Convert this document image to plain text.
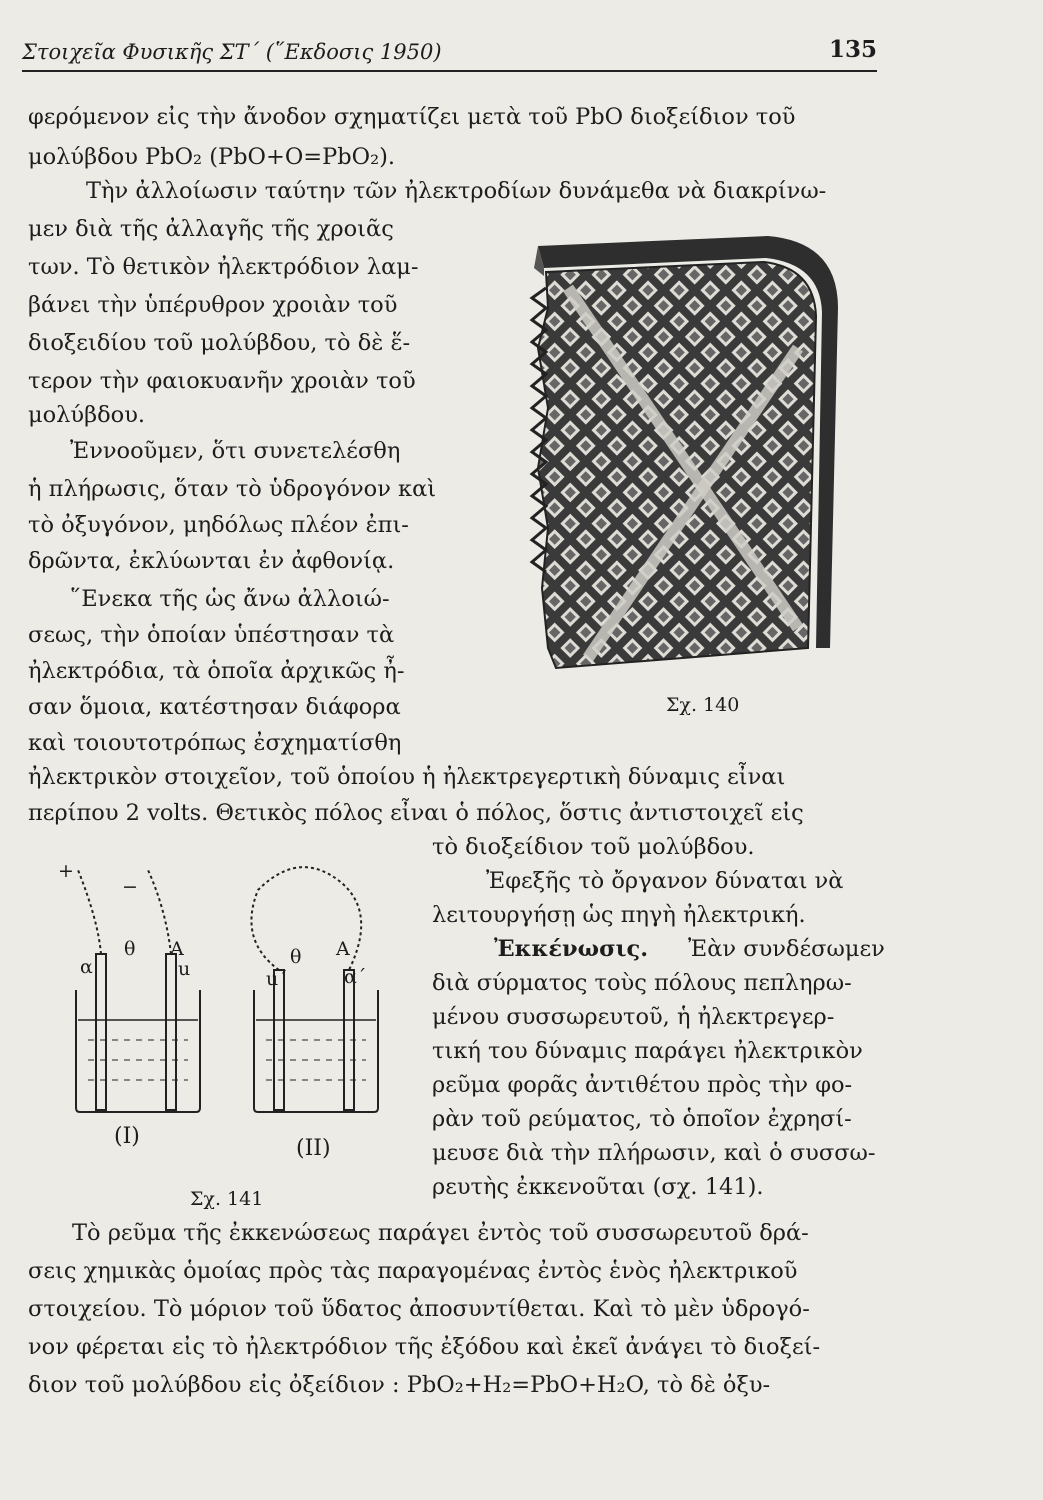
Στοιχεῖα Φυσικῆς ΣΤ΄ (῞Εκδοσις 1950)	135
φερόμενον εἰς τὴν ἄνοδον σχηματίζει μετὰ τοῦ PbO διοξείδιον τοῦ
μολύβδου PbO₂ (PbO+O=PbO₂).
Τὴν ἀλλοίωσιν ταύτην τῶν ἠλεκτροδίων δυνάμεθα νὰ διακρίνω-
μεν διὰ τῆς ἀλλαγῆς τῆς χροιᾶς
των. Τὸ θετικὸν ἠλεκτρόδιον λαμ-
βάνει τὴν ὑπέρυθρον χροιὰν τοῦ
διοξειδίου τοῦ μολύβδου, τὸ δὲ ἕ-
τερον τὴν φαιοκυανῆν χροιὰν τοῦ
μολύβδου.
Ἐννοοῦμεν, ὅτι συνετελέσθη
ἡ πλήρωσις, ὅταν τὸ ὑδρογόνον καὶ
τὸ ὀξυγόνον, μηδόλως πλέον ἐπι-
δρῶντα, ἐκλύωνται ἐν ἀφθονίᾳ.
῞Ενεκα τῆς ὡς ἄνω ἀλλοιώ-
σεως, τὴν ὁποίαν ὑπέστησαν τὰ
ἠλεκτρόδια, τὰ ὁποῖα ἀρχικῶς ἦ-
σαν ὅμοια, κατέστησαν διάφορα
καὶ τοιουτοτρόπως ἐσχηματίσθη
ἠλεκτρικὸν στοιχεῖον, τοῦ ὁποίου ἡ ἠλεκτρεγερτικὴ δύναμις εἶναι
περίπου 2 volts. Θετικὸς πόλος εἶναι ὁ πόλος, ὅστις ἀντιστοιχεῖ εἰς
τὸ διοξείδιον τοῦ μολύβδου.
Ἐφεξῆς τὸ ὄργανον δύναται νὰ
λειτουργήσῃ ὡς πηγὴ ἠλεκτρική.
Ἐκκένωσις. Ἐὰν συνδέσωμεν
διὰ σύρματος τοὺς πόλους πεπληρω-
μένου συσσωρευτοῦ, ἡ ἠλεκτρεγερ-
τική του δύναμις παράγει ἠλεκτρικὸν
ρεῦμα φορᾶς ἀντιθέτου πρὸς τὴν φο-
ρὰν τοῦ ρεύματος, τὸ ὁποῖον ἐχρησί-
μευσε διὰ τὴν πλήρωσιν, καὶ ὁ συσσω-
ρευτὴς ἐκκενοῦται (σχ. 141).
Τὸ ρεῦμα τῆς ἐκκενώσεως παράγει ἐντὸς τοῦ συσσωρευτοῦ δρά-
σεις χημικὰς ὁμοίας πρὸς τὰς παραγομένας ἐντὸς ἑνὸς ἠλεκτρικοῦ
στοιχείου. Τὸ μόριον τοῦ ὕδατος ἀποσυντίθεται. Καὶ τὸ μὲν ὑδρογό-
νον φέρεται εἰς τὸ ἠλεκτρόδιον τῆς ἐξόδου καὶ ἐκεῖ ἀνάγει τὸ διοξεί-
διον τοῦ μολύβδου εἰς ὀξείδιον : PbO₂+H₂=PbO+H₂O, τὸ δὲ ὀξυ-
Σχ. 140
+
−
α
θ A
u	u΄
θ A
α΄
(I)	(II)
Σχ. 141
